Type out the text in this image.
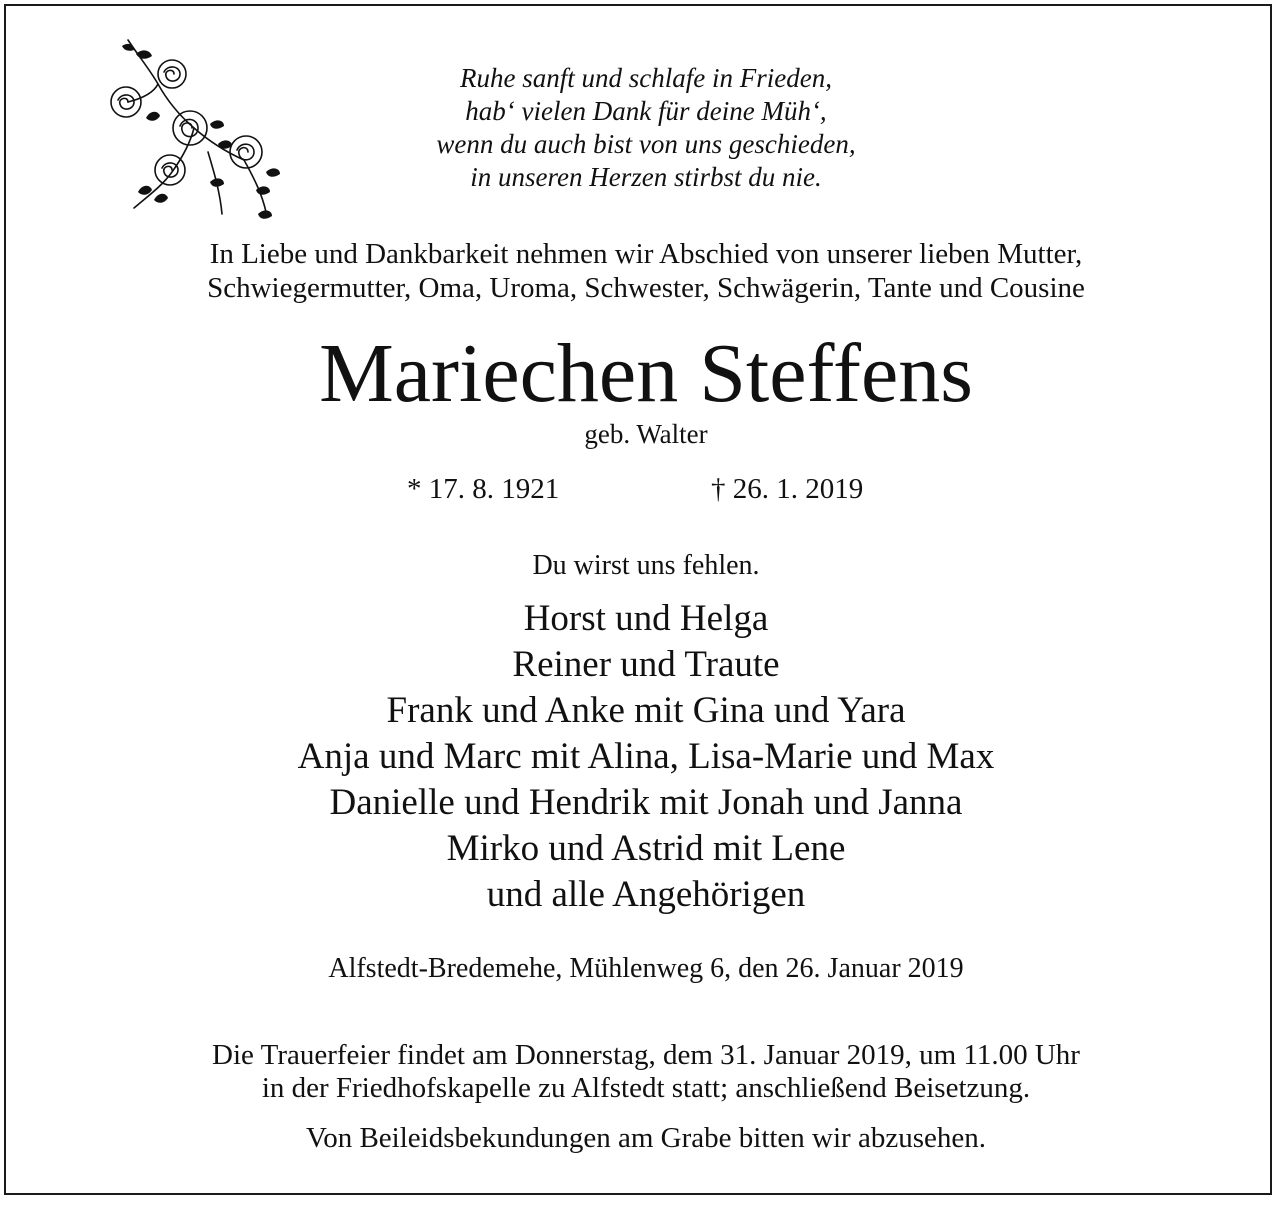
Ruhe sanft und schlafe in Frieden,
hab‘ vielen Dank für deine Müh‘,
wenn du auch bist von uns geschieden,
in unseren Herzen stirbst du nie.
In Liebe und Dankbarkeit nehmen wir Abschied von unserer lieben Mutter,
Schwiegermutter, Oma, Uroma, Schwester, Schwägerin, Tante und Cousine
Mariechen Steffens
geb. Walter
* 17. 8. 1921	† 26. 1. 2019
Du wirst uns fehlen.
Horst und Helga
Reiner und Traute
Frank und Anke mit Gina und Yara
Anja und Marc mit Alina, Lisa-Marie und Max
Danielle und Hendrik mit Jonah und Janna
Mirko und Astrid mit Lene
und alle Angehörigen
Alfstedt-Bredemehe, Mühlenweg 6, den 26. Januar 2019
Die Trauerfeier findet am Donnerstag, dem 31. Januar 2019, um 11.00 Uhr
in der Friedhofskapelle zu Alfstedt statt; anschließend Beisetzung.
Von Beileidsbekundungen am Grabe bitten wir abzusehen.
